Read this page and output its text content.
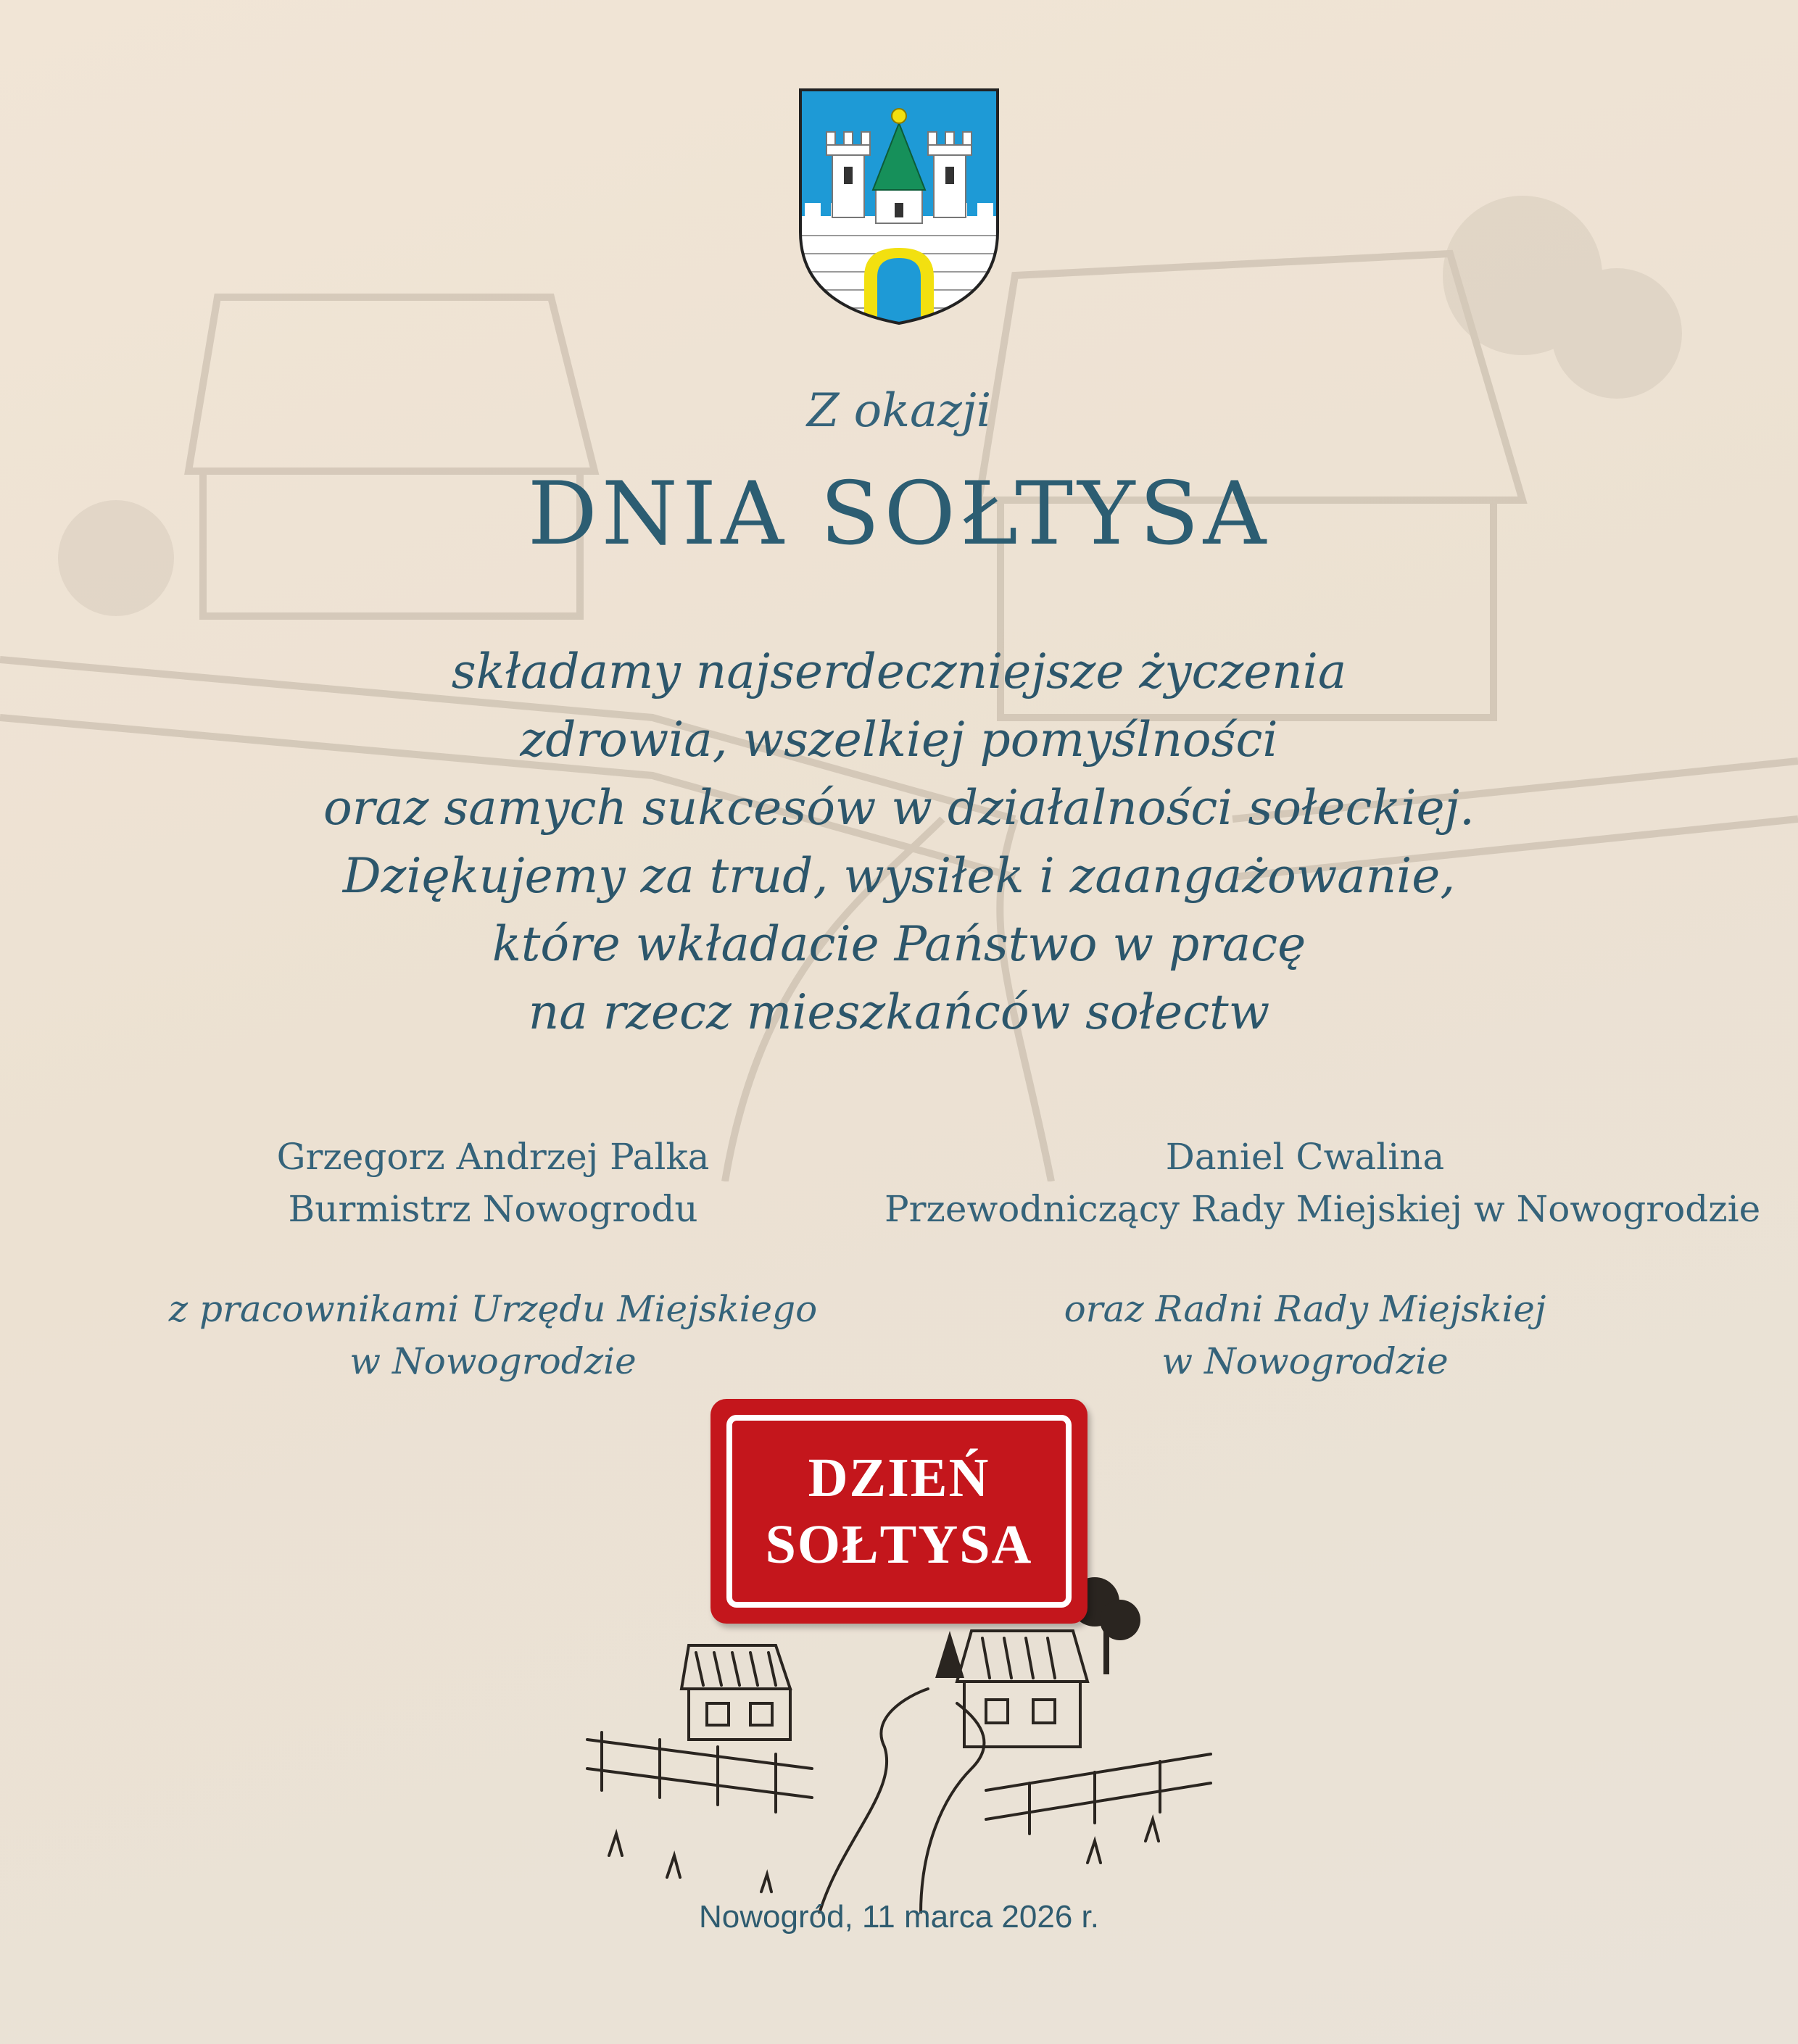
Z okazji
DNIA SOŁTYSA
składamy najserdeczniejsze życzenia
zdrowia, wszelkiej pomyślności
oraz samych sukcesów w działalności sołeckiej.
Dziękujemy za trud, wysiłek i zaangażowanie,
które wkładacie Państwo w pracę
na rzecz mieszkańców sołectw
Grzegorz Andrzej Palka
Burmistrz Nowogrodu
Daniel Cwalina
Przewodniczący Rady Miejskiej w Nowogrodzie
z pracownikami Urzędu Miejskiego
w Nowogrodzie
oraz Radni Rady Miejskiej
w Nowogrodzie
DZIEŃ
SOŁTYSA
Nowogród, 11 marca 2026 r.
